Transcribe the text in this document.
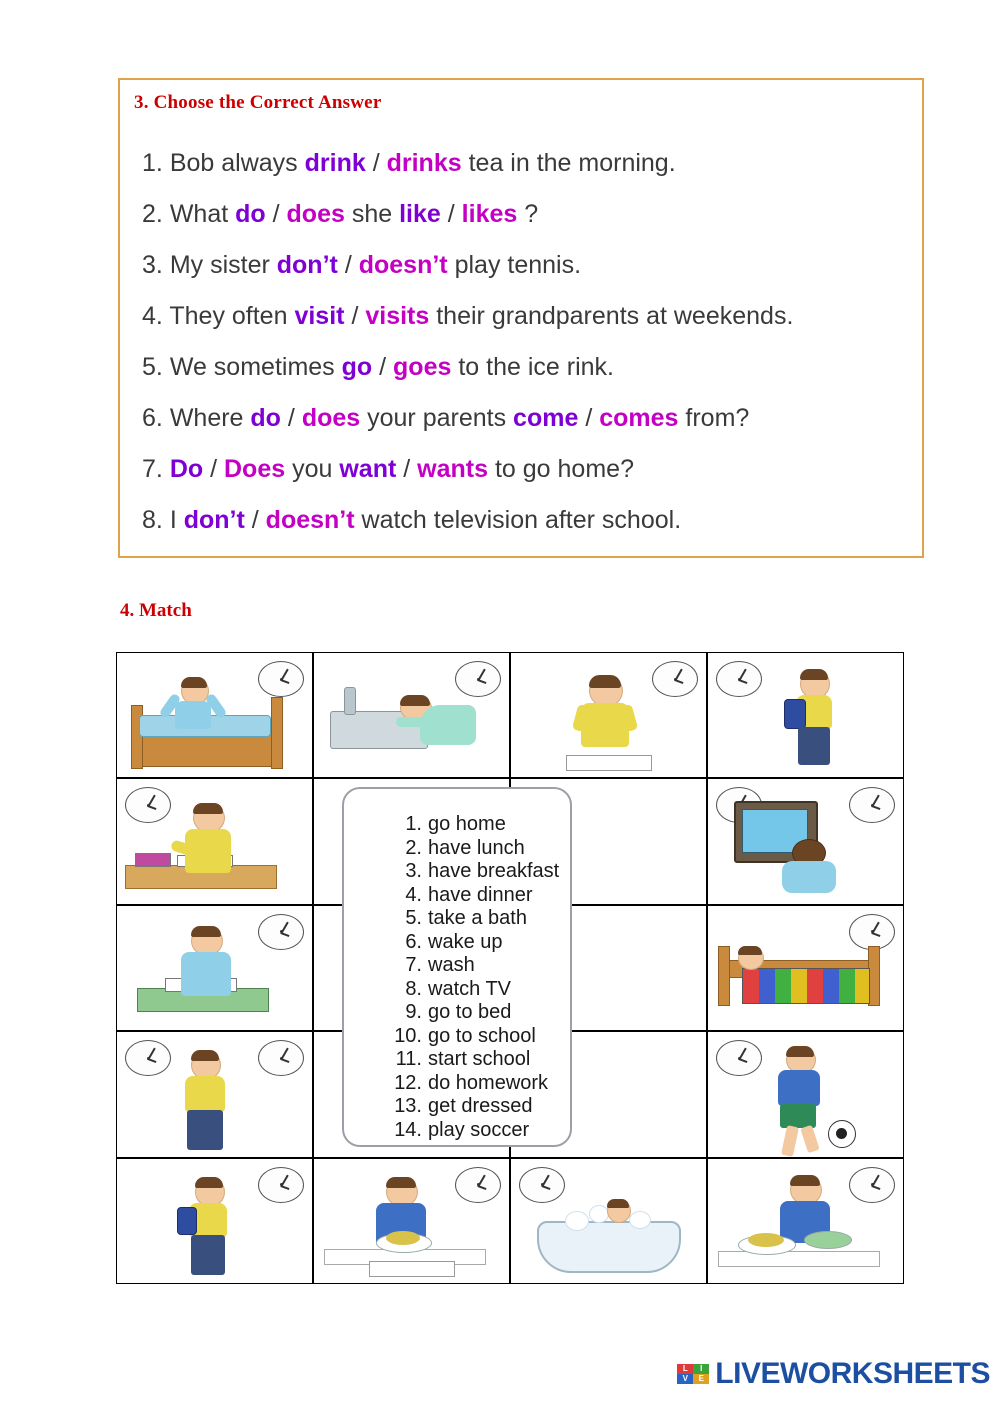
3. Choose the Correct Answer
1. Bob always drink / drinks tea in the morning.
2. What do / does she like / likes ?
3. My sister don’t / doesn’t play tennis.
4. They often visit / visits their grandparents at weekends.
5. We sometimes go / goes to the ice rink.
6. Where do / does your parents come / comes from?
7. Do / Does you want / wants to go home?
8. I don’t / doesn’t watch television after school.
4. Match
1. go home
2. have lunch
3. have breakfast
4. have dinner
5. take a bath
6. wake up
7. wash
8. watch TV
9. go to bed
10. go to school
11. start school
12. do homework
13. get dressed
14. play soccer
L
V
I
E LIVEWORKSHEETS
